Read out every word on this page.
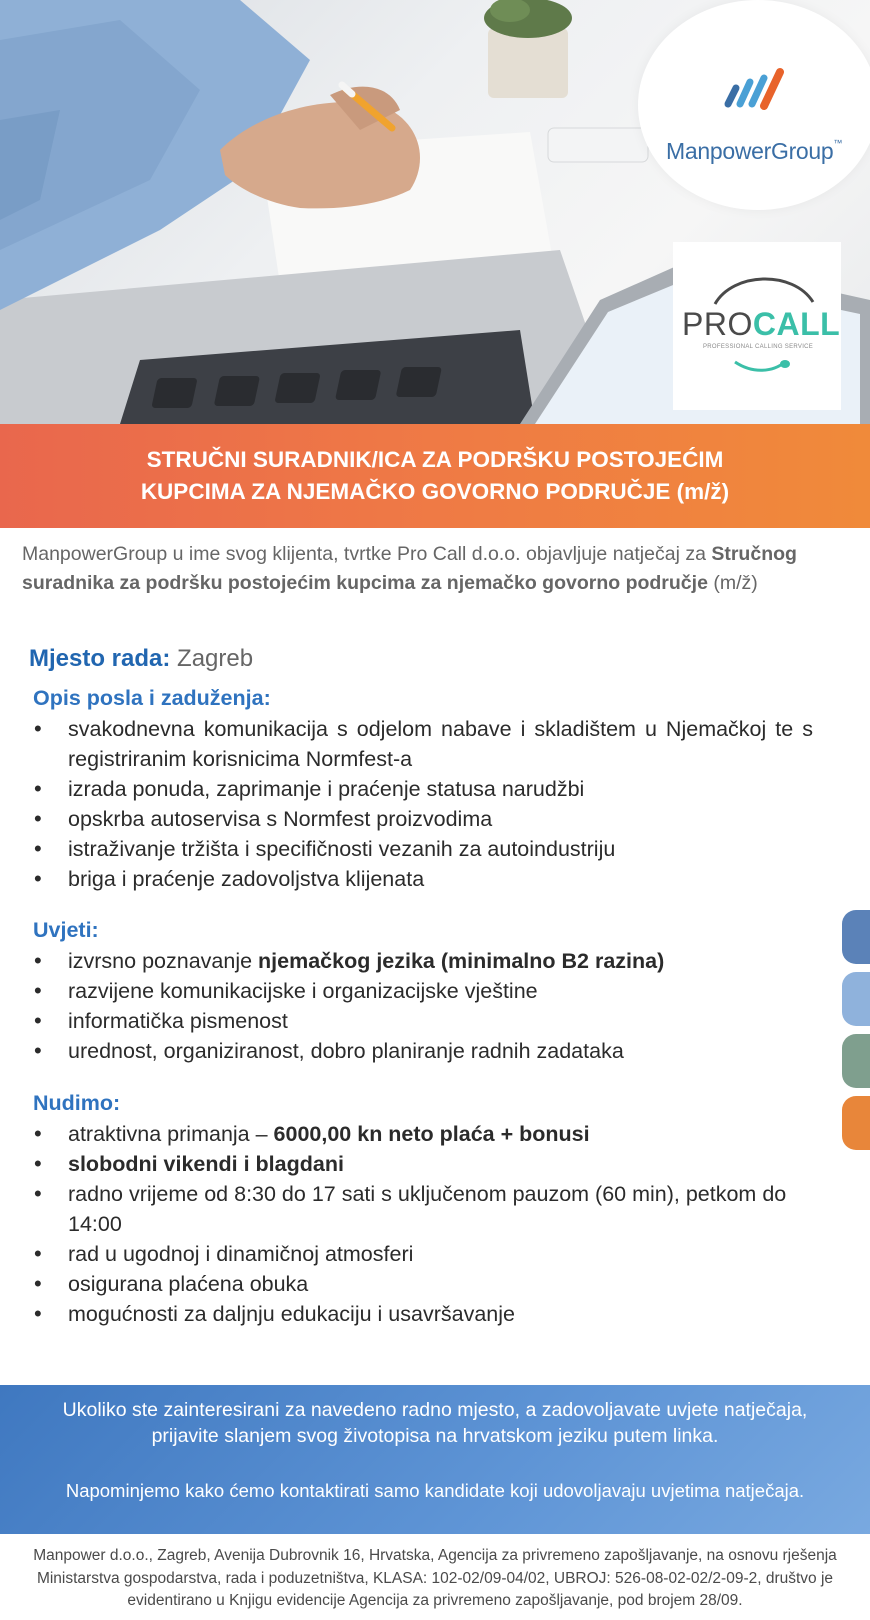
ManpowerGroup™
PROCALL
PROFESSIONAL CALLING SERVICE
STRUČNI SURADNIK/ICA ZA PODRŠKU POSTOJEĆIM
KUPCIMA ZA NJEMAČKO GOVORNO PODRUČJE (m/ž)
ManpowerGroup u ime svog klijenta, tvrtke Pro Call d.o.o. objavljuje natječaj za Stručnog suradnika za podršku postojećim kupcima za njemačko govorno područje (m/ž)
Mjesto rada: Zagreb
Opis posla i zaduženja:
• svakodnevna komunikacija s odjelom nabave i skladištem u Njemačkoj te s registriranim korisnicima Normfest-a
• izrada ponuda, zaprimanje i praćenje statusa narudžbi
• opskrba autoservisa s Normfest proizvodima
• istraživanje tržišta i specifičnosti vezanih za autoindustriju
• briga i praćenje zadovoljstva klijenata
Uvjeti:
• izvrsno poznavanje njemačkog jezika (minimalno B2 razina)
• razvijene komunikacijske i organizacijske vještine
• informatička pismenost
• urednost, organiziranost, dobro planiranje radnih zadataka
Nudimo:
• atraktivna primanja – 6000,00 kn neto plaća + bonusi
• slobodni vikendi i blagdani
• radno vrijeme od 8:30 do 17 sati s uključenom pauzom (60 min), petkom do 14:00
• rad u ugodnoj i dinamičnoj atmosferi
• osigurana plaćena obuka
• mogućnosti za daljnju edukaciju i usavršavanje

Ukoliko ste zainteresirani za navedeno radno mjesto, a zadovoljavate uvjete natječaja, prijavite slanjem svog životopisa na hrvatskom jeziku putem linka.

Napominjemo kako ćemo kontaktirati samo kandidate koji udovoljavaju uvjetima natječaja.

Manpower d.o.o., Zagreb, Avenija Dubrovnik 16, Hrvatska, Agencija za privremeno zapošljavanje, na osnovu rješenja Ministarstva gospodarstva, rada i poduzetništva, KLASA: 102-02/09-04/02, UBROJ: 526-08-02-02/2-09-2, društvo je evidentirano u Knjigu evidencije Agencija za privremeno zapošljavanje, pod brojem 28/09.
